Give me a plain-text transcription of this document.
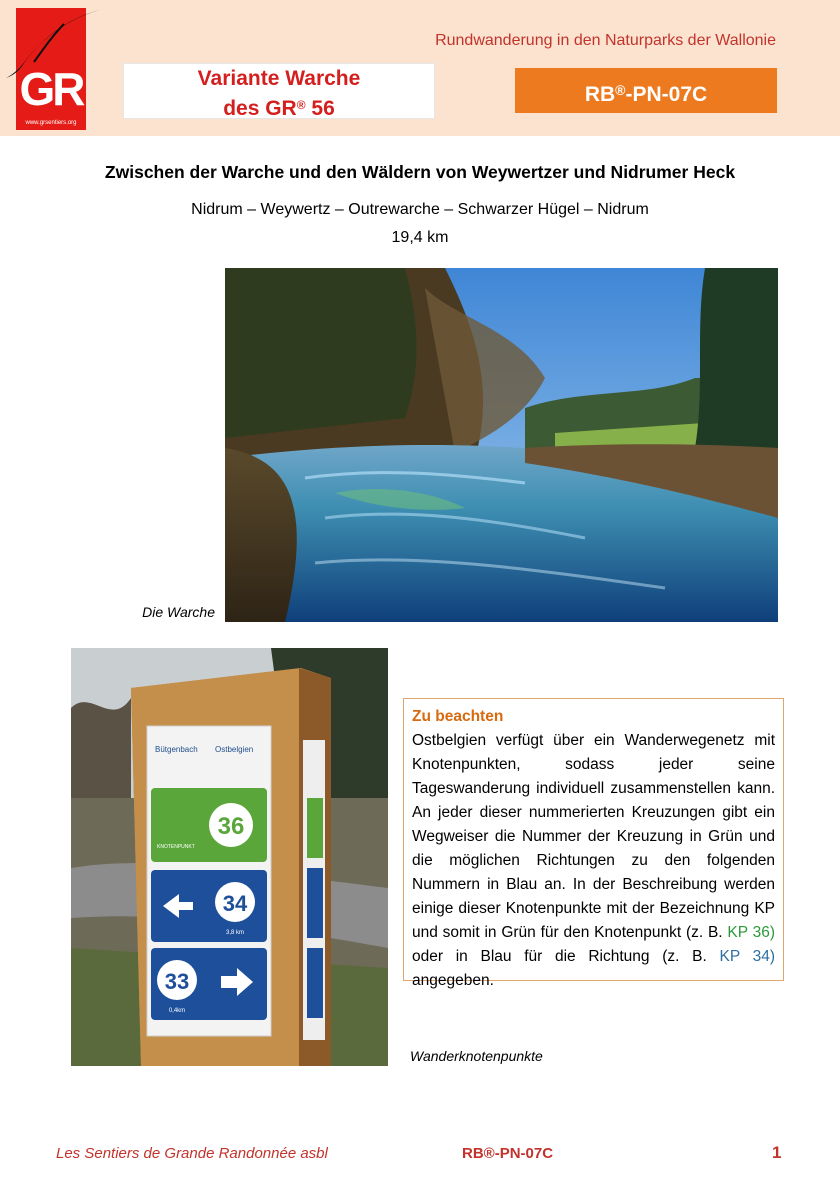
GR
www.grsentiers.org
Rundwanderung in den Naturparks der Wallonie
Variante Warche
des GR® 56
RB®-PN-07C
Zwischen der Warche und den Wäldern von Weywertzer und Nidrumer Heck
Nidrum – Weywertz – Outrewarche – Schwarzer Hügel – Nidrum
19,4 km
Die Warche
Bütgenbach Ostbelgien
36
KNOTENPUNKT
34
3,8 km
33
0,4km
Zu beachten
Ostbelgien verfügt über ein Wanderwegenetz mit Knotenpunkten, sodass jeder seine Tageswanderung individuell zusammenstellen kann. An jeder dieser nummerierten Kreuzungen gibt ein Wegweiser die Nummer der Kreuzung in Grün und die möglichen Richtungen zu den folgenden Nummern in Blau an. In der Beschreibung werden einige dieser Knotenpunkte mit der Bezeichnung KP und somit in Grün für den Knotenpunkt (z. B. KP 36) oder in Blau für die Richtung (z. B. KP 34) angegeben.
Wanderknotenpunkte
Les Sentiers de Grande Randonnée asbl	RB®-PN-07C	1
